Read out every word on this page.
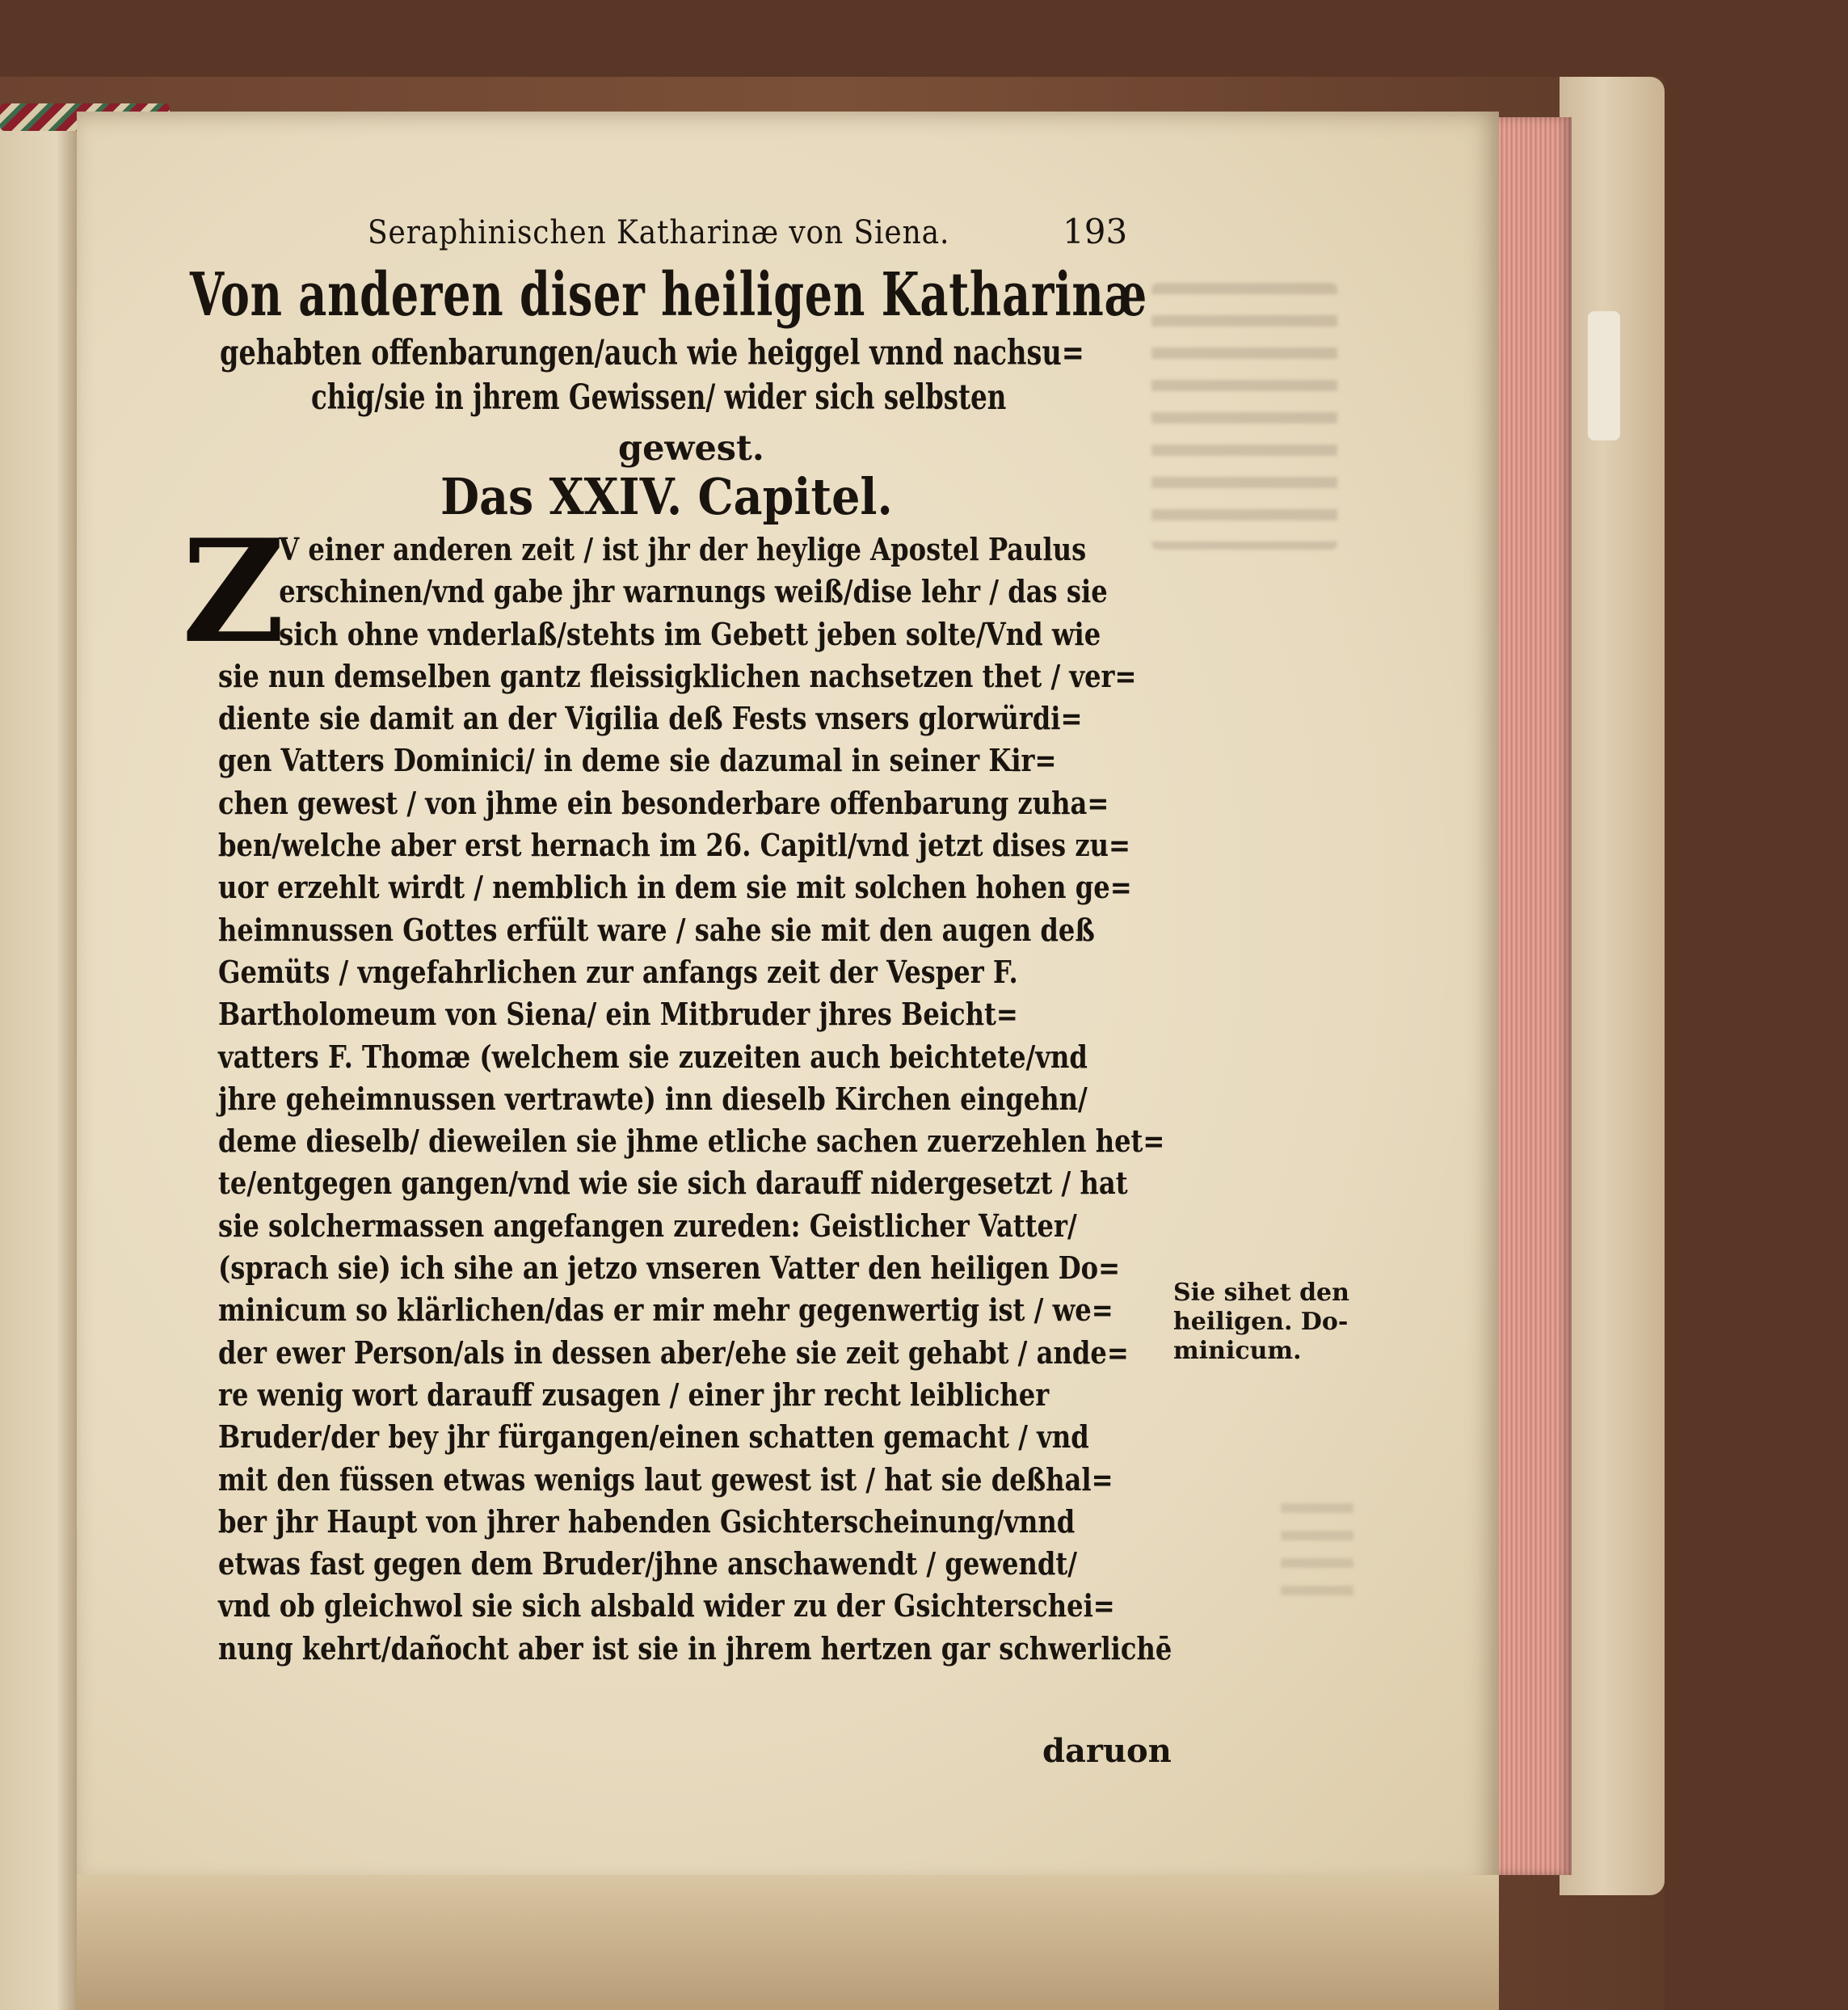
Seraphinischen Katharinæ von Siena.	193
Von anderen diser heiligen Katharinæ
gehabten offenbarungen/auch wie heiggel vnnd nachsu=
chig/sie in jhrem Gewissen/ wider sich selbsten
gewest.
Das XXIV. Capitel.
Z
V einer anderen zeit / ist jhr der heylige Apostel Paulus
erschinen/vnd gabe jhr warnungs weiß/dise lehr / das sie
sich ohne vnderlaß/stehts im Gebett jeben solte/Vnd wie
sie nun demselben gantz fleissigklichen nachsetzen thet / ver=
diente sie damit an der Vigilia deß Fests vnsers glorwürdi=
gen Vatters Dominici/ in deme sie dazumal in seiner Kir=
chen gewest / von jhme ein besonderbare offenbarung zuha=
ben/welche aber erst hernach im 26. Capitl/vnd jetzt dises zu=
uor erzehlt wirdt / nemblich in dem sie mit solchen hohen ge=
heimnussen Gottes erfült ware / sahe sie mit den augen deß
Gemüts / vngefahrlichen zur anfangs zeit der Vesper F.
Bartholomeum von Siena/ ein Mitbruder jhres Beicht=
vatters F. Thomæ (welchem sie zuzeiten auch beichtete/vnd
jhre geheimnussen vertrawte) inn dieselb Kirchen eingehn/
deme dieselb/ dieweilen sie jhme etliche sachen zuerzehlen het=
te/entgegen gangen/vnd wie sie sich darauff nidergesetzt / hat
sie solchermassen angefangen zureden: Geistlicher Vatter/
(sprach sie) ich sihe an jetzo vnseren Vatter den heiligen Do=
minicum so klärlichen/das er mir mehr gegenwertig ist / we=
der ewer Person/als in dessen aber/ehe sie zeit gehabt / ande=
re wenig wort darauff zusagen / einer jhr recht leiblicher
Bruder/der bey jhr fürgangen/einen schatten gemacht / vnd
mit den füssen etwas wenigs laut gewest ist / hat sie deßhal=
ber jhr Haupt von jhrer habenden Gsichterscheinung/vnnd
etwas fast gegen dem Bruder/jhne anschawendt / gewendt/
vnd ob gleichwol sie sich alsbald wider zu der Gsichterschei=
nung kehrt/dañocht aber ist sie in jhrem hertzen gar schwerlichē
daruon
Sie sihet den
heiligen. Do-
minicum.
